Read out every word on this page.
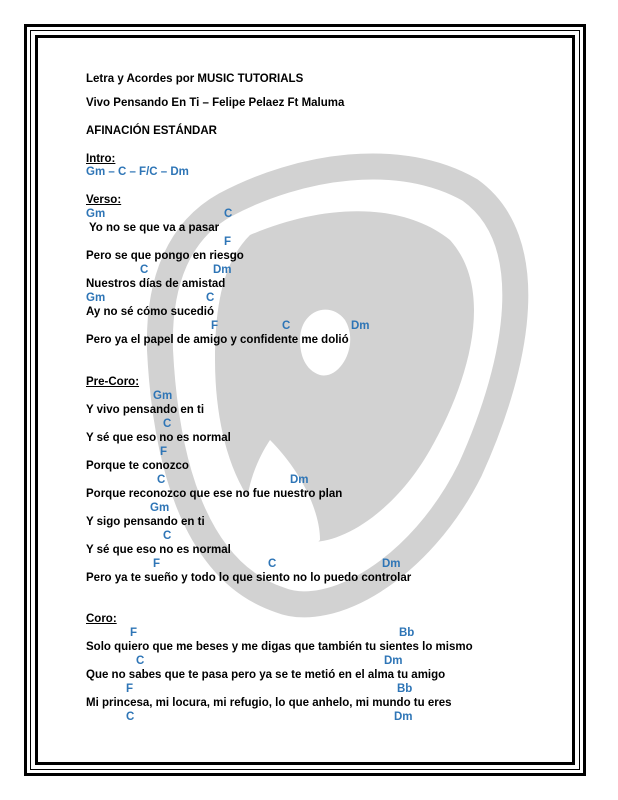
Letra y Acordes por MUSIC TUTORIALS
Vivo Pensando En Ti – Felipe Pelaez Ft Maluma
AFINACIÓN ESTÁNDAR
Intro:
Gm – C – F/C – Dm
Verso:
Gm	C
Yo no se que va a pasar
F
Pero se que pongo en riesgo
C	Dm
Nuestros días de amistad
Gm	C
Ay no sé cómo sucedió
F	C	Dm
Pero ya el papel de amigo y confidente me dolió
Pre-Coro:
Gm
Y vivo pensando en ti
C
Y sé que eso no es normal
F
Porque te conozco
C	Dm
Porque reconozco que ese no fue nuestro plan
Gm
Y sigo pensando en ti
C
Y sé que eso no es normal
F	C	Dm
Pero ya te sueño y todo lo que siento no lo puedo controlar
Coro:
F	Bb
Solo quiero que me beses y me digas que también tu sientes lo mismo
C	Dm
Que no sabes que te pasa pero ya se te metió en el alma tu amigo
F	Bb
Mi princesa, mi locura, mi refugio, lo que anhelo, mi mundo tu eres
C	Dm
